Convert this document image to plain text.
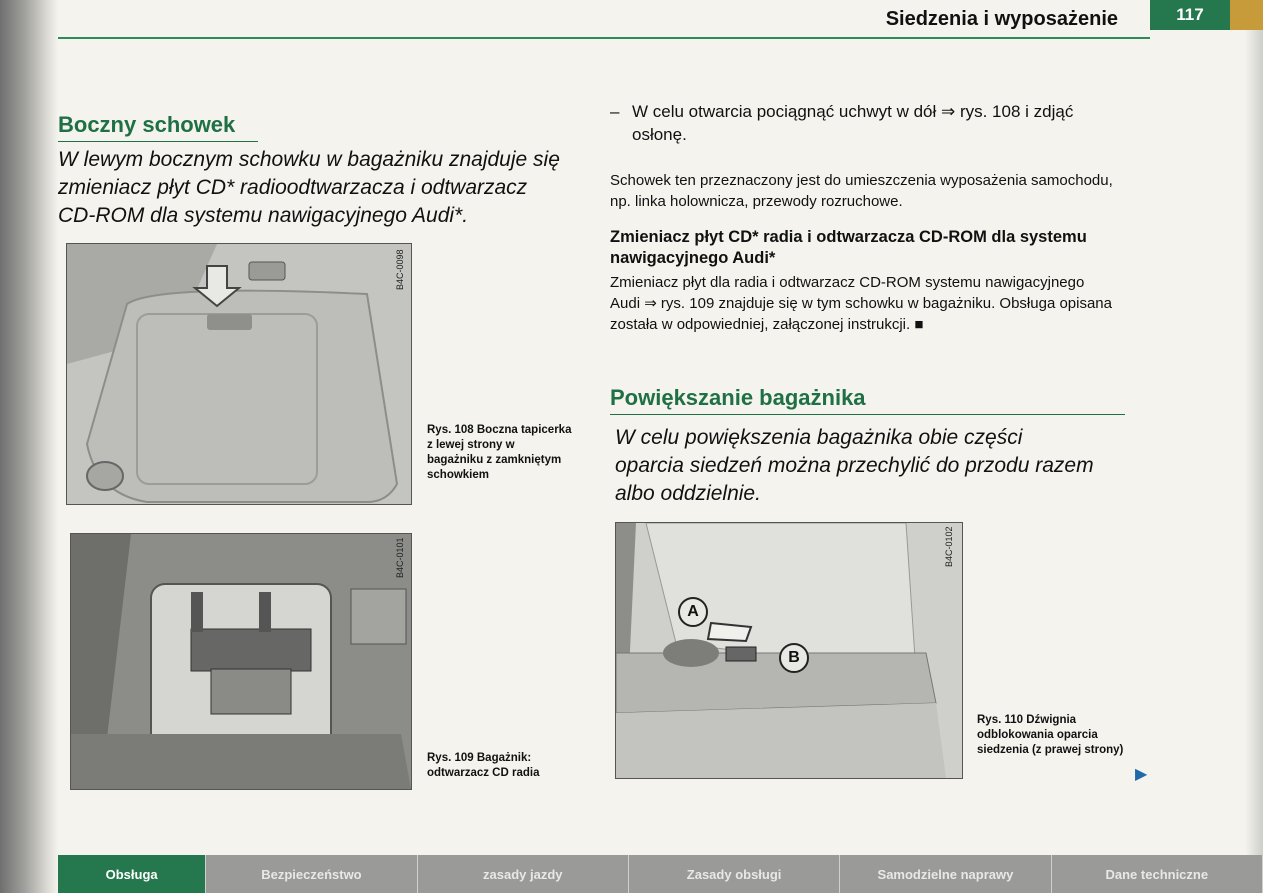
Siedzenia i wyposażenie	117
Boczny schowek
W lewym bocznym schowku w bagażniku znajduje się zmieniacz płyt CD* radioodtwarzacza i odtwarzacz CD-ROM dla systemu nawigacyjnego Audi*.
B4C-0098
Rys. 108 Boczna tapicerka z lewej strony w bagażniku z zamkniętym schowkiem
B4C-0101
Rys. 109 Bagażnik: odtwarzacz CD radia
– W celu otwarcia pociągnąć uchwyt w dół ⇒ rys. 108 i zdjąć osłonę.
Schowek ten przeznaczony jest do umieszczenia wyposażenia samochodu, np. linka holownicza, przewody rozruchowe.
Zmieniacz płyt CD* radia i odtwarzacza CD-ROM dla systemu nawigacyjnego Audi*
Zmieniacz płyt dla radia i odtwarzacz CD-ROM systemu nawigacyjnego Audi ⇒ rys. 109 znajduje się w tym schowku w bagażniku. Obsługa opisana została w odpowiedniej, załączonej instrukcji. ■
Powiększanie bagażnika
W celu powiększenia bagażnika obie części oparcia siedzeń można przechylić do przodu razem albo oddzielnie.
A
B
B4C-0102
Rys. 110 Dźwignia odblokowania oparcia siedzenia (z prawej strony)
▶
Obsługa	Bezpieczeństwo	zasady jazdy	Zasady obsługi	Samodzielne naprawy	Dane techniczne
